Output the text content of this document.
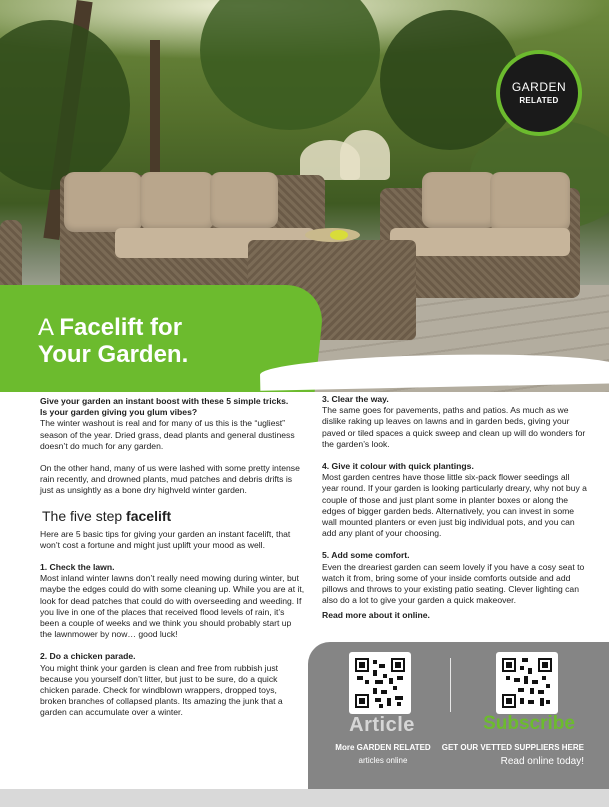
A Facelift for
Your Garden.
GARDEN
RELATED

Give your garden an instant boost with these 5 simple tricks.
Is your garden giving you glum vibes?
The winter washout is real and for many of us this is the “ugliest” season of the year. Dried grass, dead plants and general dustiness doesn’t do much for any garden.

On the other hand, many of us were lashed with some pretty intense rain recently, and drowned plants, mud patches and debris drifts is just as unsightly as a bone dry highveld winter garden.

The five step facelift

Here are 5 basic tips for giving your garden an instant facelift, that won’t cost a fortune and might just uplift your mood as well.

1. Check the lawn.
Most inland winter lawns don’t really need mowing during winter, but maybe the edges could do with some cleaning up. While you are at it, look for dead patches that could do with overseeding and weeding. If you live in one of the places that received flood levels of rain, it’s been a couple of weeks and we think you should probably start up the lawnmower by now… good luck!

2. Do a chicken parade.
You might think your garden is clean and free from rubbish just because you yourself don’t litter, but just to be sure, do a quick chicken parade. Check for windblown wrappers, dropped toys, broken branches of collapsed plants. Its amazing the junk that a garden can accumulate over a winter.

3. Clear the way.
The same goes for pavements, paths and patios. As much as we dislike raking up leaves on lawns and in garden beds, giving your paved or tiled spaces a quick sweep and clean up will do wonders for the garden’s look.

4. Give it colour with quick plantings.
Most garden centres have those little six-pack flower seedings all year round. If your garden is looking particularly dreary, why not buy a couple of those and just plant some in planter boxes or along the edges of bigger garden beds. Alternatively, you can invest in some wall mounted planters or even just big individual pots, and you can add any plant of your choosing.

5. Add some comfort.
Even the dreariest garden can seem lovely if you have a cosy seat to watch it from, bring some of your inside comforts outside and add pillows and throws to your existing patio seating. Clever lighting can also do a lot to give your garden a quick makeover.

Read more about it online.

Article
More GARDEN RELATED
articles online
Subscribe
GET OUR VETTED SUPPLIERS HERE
Read online today!
